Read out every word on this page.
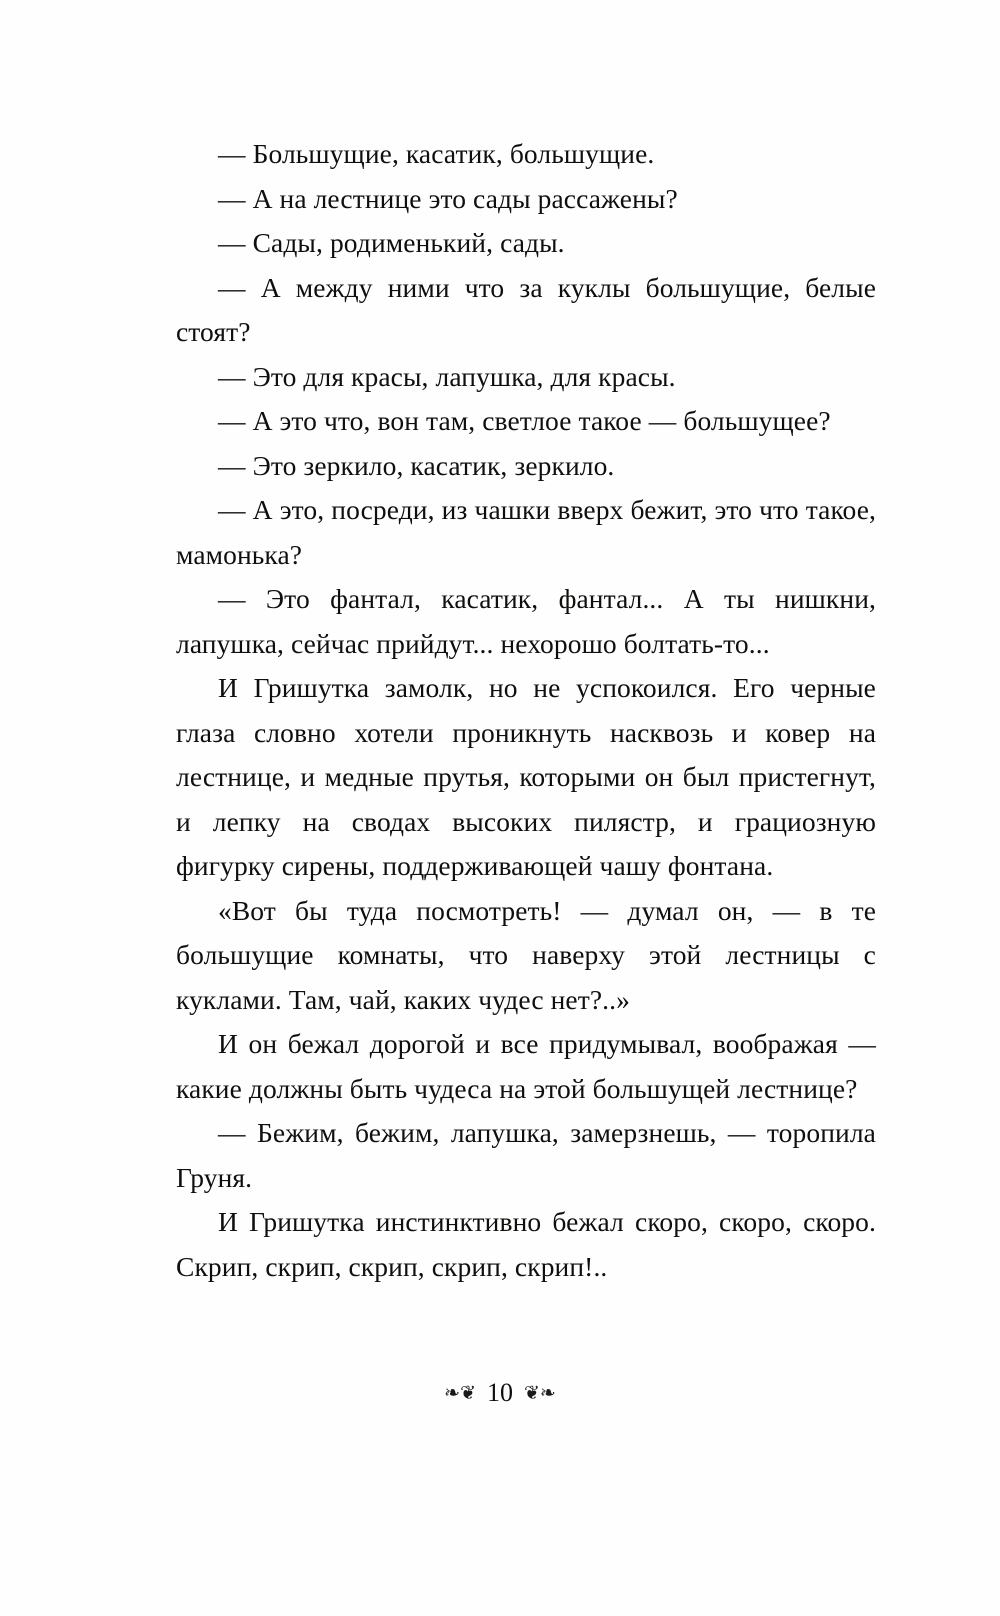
— Большущие, касатик, большущие.

— А на лестнице это сады рассажены?

— Сады, родименький, сады.

— А между ними что за куклы большущие, белые стоят?

— Это для красы, лапушка, для красы.

— А это что, вон там, светлое такое — большущее?

— Это зеркило, касатик, зеркило.

— А это, посреди, из чашки вверх бежит, это что такое, мамонька?

— Это фантал, касатик, фантал... А ты нишкни, лапушка, сейчас прийдут... нехорошо болтать-то...

И Гришутка замолк, но не успокоился. Его черные глаза словно хотели проникнуть насквозь и ковер на лестнице, и медные прутья, которыми он был пристегнут, и лепку на сводах высоких пилястр, и грациозную фигурку сирены, поддерживающей чашу фонтана.

«Вот бы туда посмотреть! — думал он, — в те большущие комнаты, что наверху этой лестницы с куклами. Там, чай, каких чудес нет?..»

И он бежал дорогой и все придумывал, воображая — какие должны быть чудеса на этой большущей лестнице?

— Бежим, бежим, лапушка, замерзнешь, — торопила Груня.

И Гришутка инстинктивно бежал скоро, скоро, скоро. Скрип, скрип, скрип, скрип, скрип!..

❧❦ 10 ❦❧
